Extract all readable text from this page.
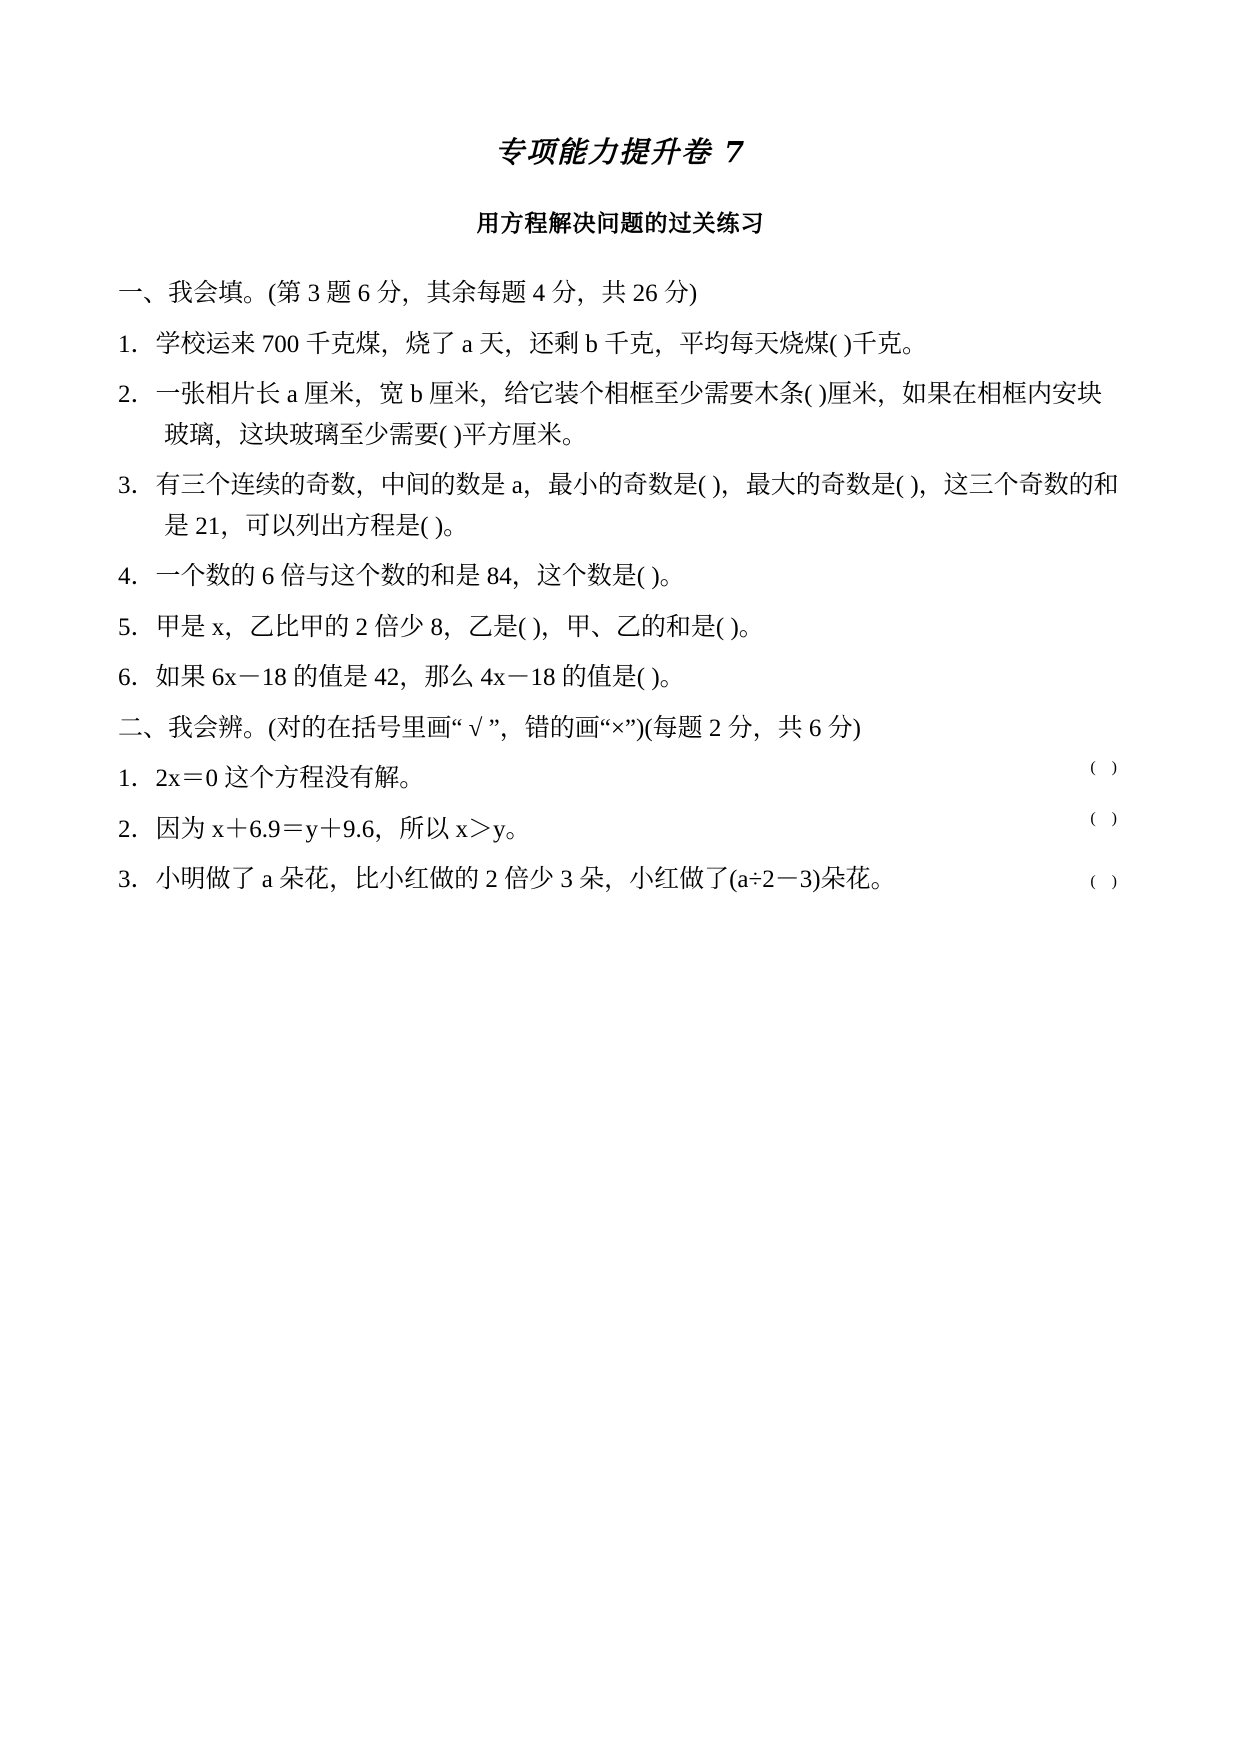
专项能力提升卷 7
用方程解决问题的过关练习
一、我会填。(第 3 题 6 分，其余每题 4 分，共 26 分)
1．学校运来 700 千克煤，烧了 a 天，还剩 b 千克，平均每天烧煤( )千克。
2．一张相片长 a 厘米，宽 b 厘米，给它装个相框至少需要木条( )厘米，如果在相框内安块玻璃，这块玻璃至少需要( )平方厘米。
3．有三个连续的奇数，中间的数是 a，最小的奇数是( )，最大的奇数是( )，这三个奇数的和是 21，可以列出方程是( )。
4．一个数的 6 倍与这个数的和是 84，这个数是( )。
5．甲是 x，乙比甲的 2 倍少 8，乙是( )，甲、乙的和是( )。
6．如果 6x－18 的值是 42，那么 4x－18 的值是( )。
二、我会辨。(对的在括号里画“ √ ”，错的画“×”)(每题 2 分，共 6 分)
1．2x＝0 这个方程没有解。	( )
2．因为 x＋6.9＝y＋9.6，所以 x＞y。	( )
3．小明做了 a 朵花，比小红做的 2 倍少 3 朵，小红做了(a÷2－3)朵花。	( )
